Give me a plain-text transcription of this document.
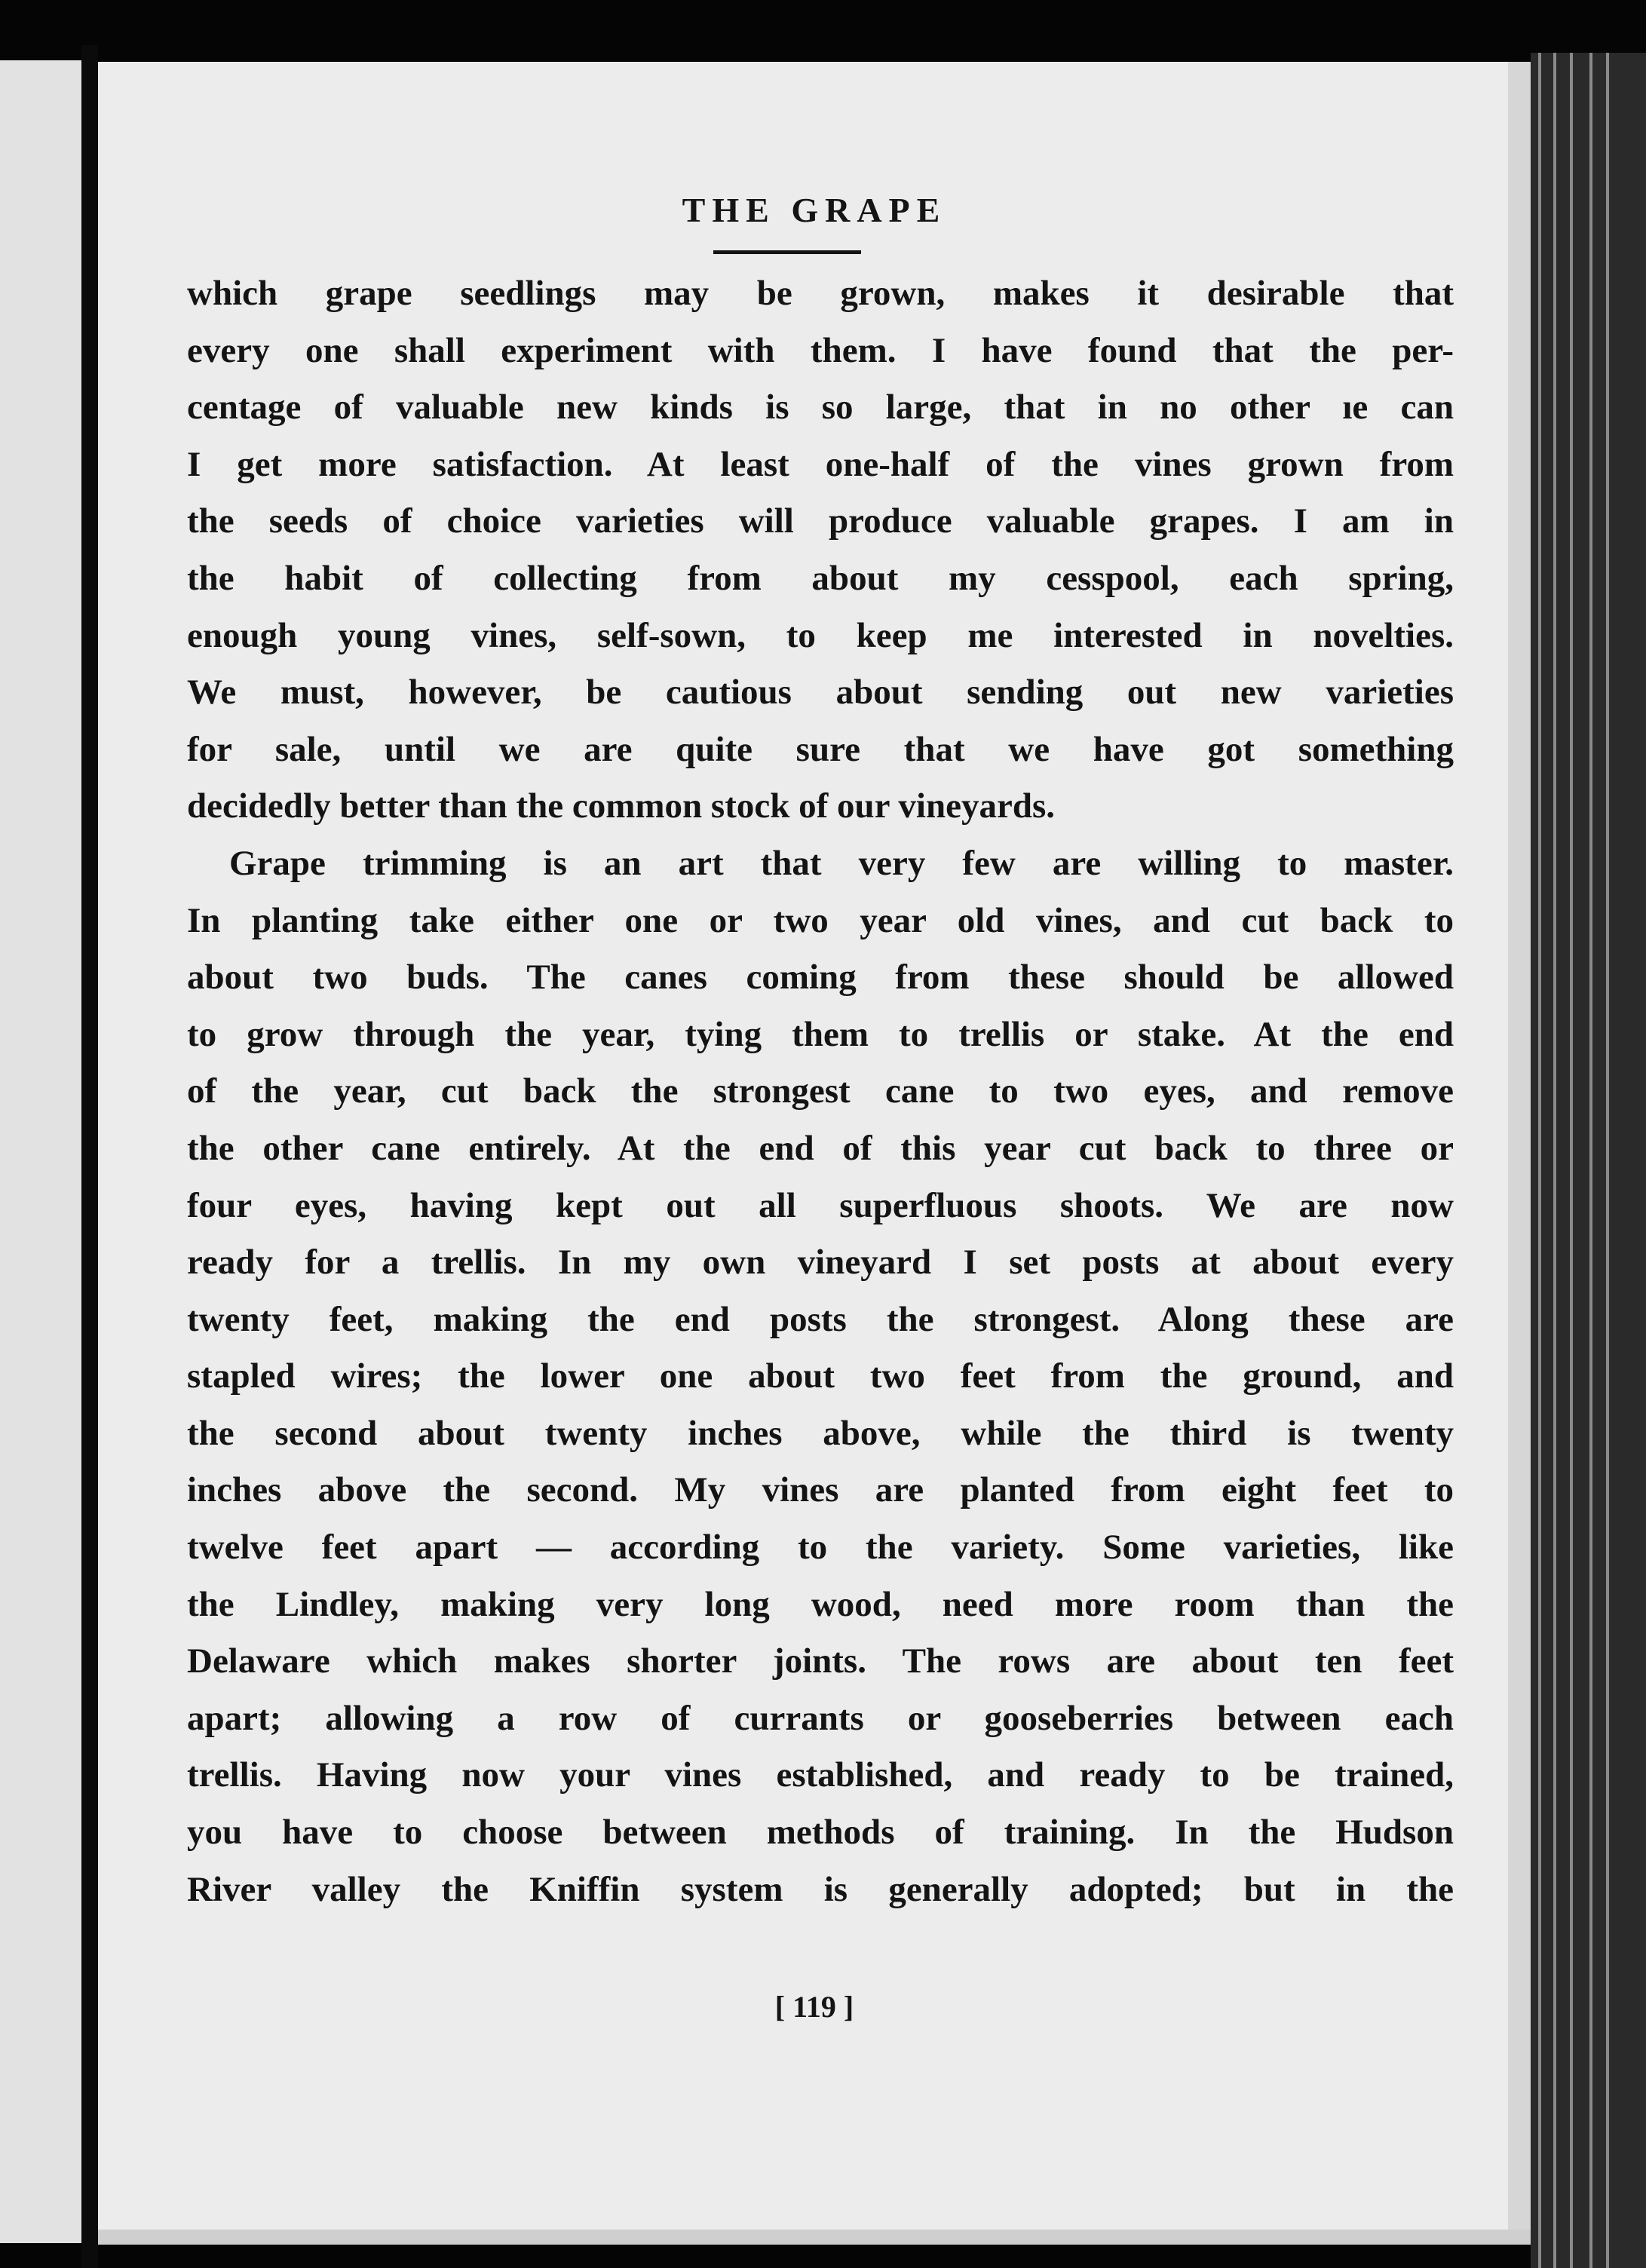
THE GRAPE
which grape seedlings may be grown, makes it desirable that
every one shall experiment with them. I have found that the per-
centage of valuable new kinds is so large, that in no other ıe can
I get more satisfaction. At least one-half of the vines grown from
the seeds of choice varieties will produce valuable grapes. I am in
the habit of collecting from about my cesspool, each spring,
enough young vines, self-sown, to keep me interested in novelties.
We must, however, be cautious about sending out new varieties
for sale, until we are quite sure that we have got something
decidedly better than the common stock of our vineyards.
Grape trimming is an art that very few are willing to master.
In planting take either one or two year old vines, and cut back to
about two buds. The canes coming from these should be allowed
to grow through the year, tying them to trellis or stake. At the end
of the year, cut back the strongest cane to two eyes, and remove
the other cane entirely. At the end of this year cut back to three or
four eyes, having kept out all superfluous shoots. We are now
ready for a trellis. In my own vineyard I set posts at about every
twenty feet, making the end posts the strongest. Along these are
stapled wires; the lower one about two feet from the ground, and
the second about twenty inches above, while the third is twenty
inches above the second. My vines are planted from eight feet to
twelve feet apart — according to the variety. Some varieties, like
the Lindley, making very long wood, need more room than the
Delaware which makes shorter joints. The rows are about ten feet
apart; allowing a row of currants or gooseberries between each
trellis. Having now your vines established, and ready to be trained,
you have to choose between methods of training. In the Hudson
River valley the Kniffin system is generally adopted; but in the
[ 119 ]
